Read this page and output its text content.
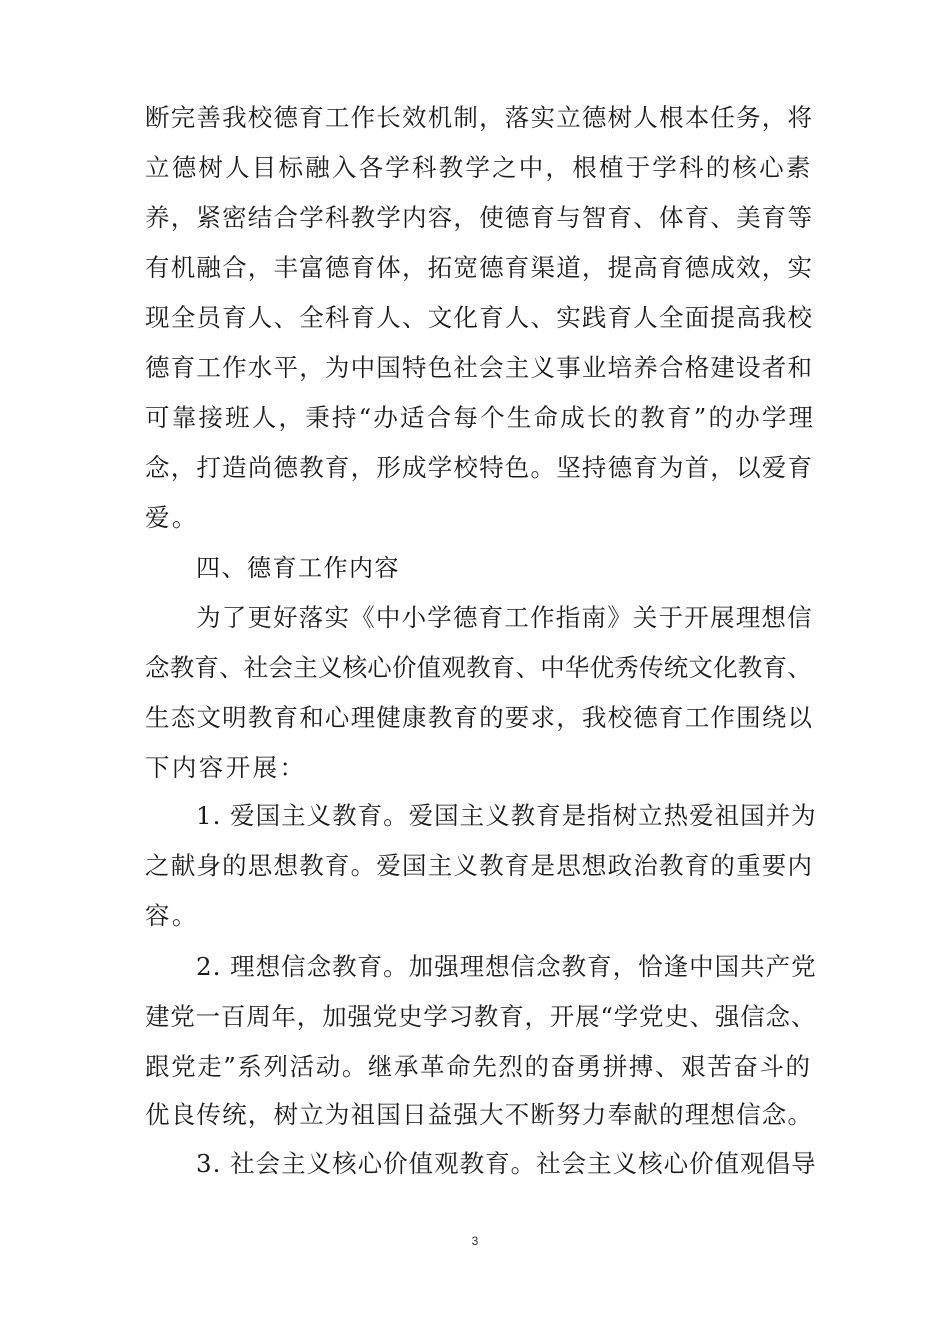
断完善我校德育工作长效机制，落实立德树人根本任务，将
立德树人目标融入各学科教学之中，根植于学科的核心素
养，紧密结合学科教学内容，使德育与智育、体育、美育等
有机融合，丰富德育体，拓宽德育渠道，提高育德成效，实
现全员育人、全科育人、文化育人、实践育人全面提高我校
德育工作水平，为中国特色社会主义事业培养合格建设者和
可靠接班人，秉持“办适合每个生命成长的教育”的办学理
念，打造尚德教育，形成学校特色。坚持德育为首，以爱育
爱。
四、德育工作内容
为了更好落实《中小学德育工作指南》关于开展理想信
念教育、社会主义核心价值观教育、中华优秀传统文化教育、
生态文明教育和心理健康教育的要求，我校德育工作围绕以
下内容开展：
1. 爱国主义教育。爱国主义教育是指树立热爱祖国并为
之献身的思想教育。爱国主义教育是思想政治教育的重要内
容。
2. 理想信念教育。加强理想信念教育，恰逢中国共产党
建党一百周年，加强党史学习教育，开展“学党史、强信念、
跟党走”系列活动。继承革命先烈的奋勇拼搏、艰苦奋斗的
优良传统，树立为祖国日益强大不断努力奉献的理想信念。
3. 社会主义核心价值观教育。社会主义核心价值观倡导
3
